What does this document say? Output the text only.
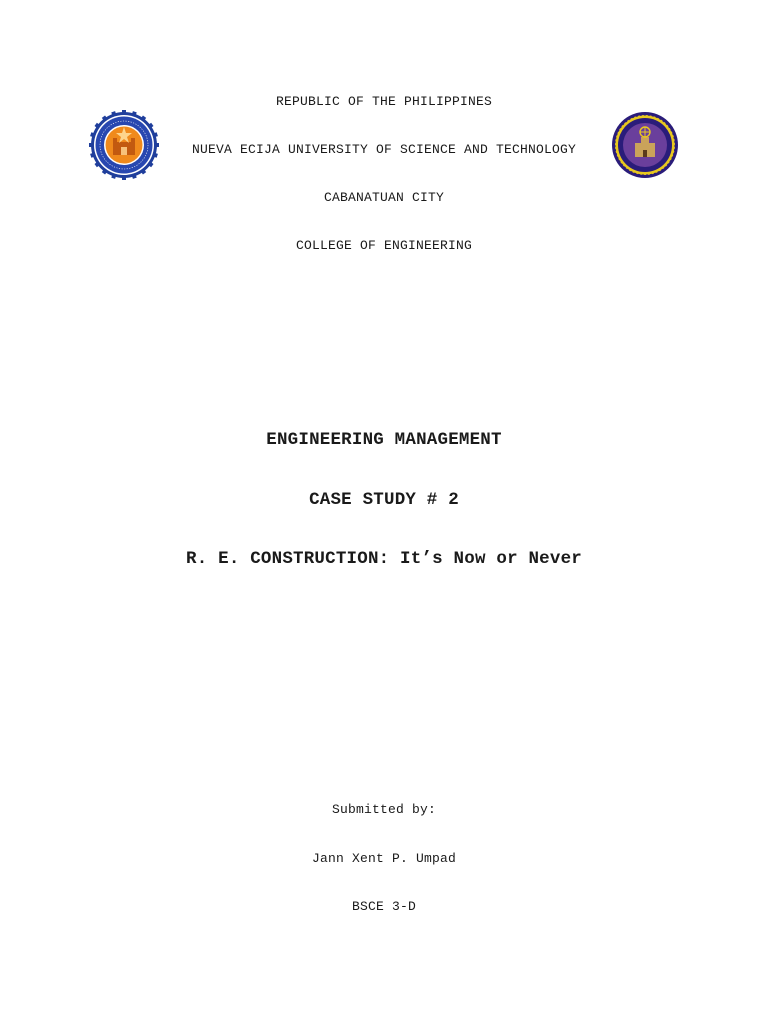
REPUBLIC OF THE PHILIPPINES
NUEVA ECIJA UNIVERSITY OF SCIENCE AND TECHNOLOGY
CABANATUAN CITY
COLLEGE OF ENGINEERING
ENGINEERING MANAGEMENT
CASE STUDY # 2
R. E. CONSTRUCTION: It’s Now or Never
Submitted by:
Jann Xent P. Umpad
BSCE 3-D
